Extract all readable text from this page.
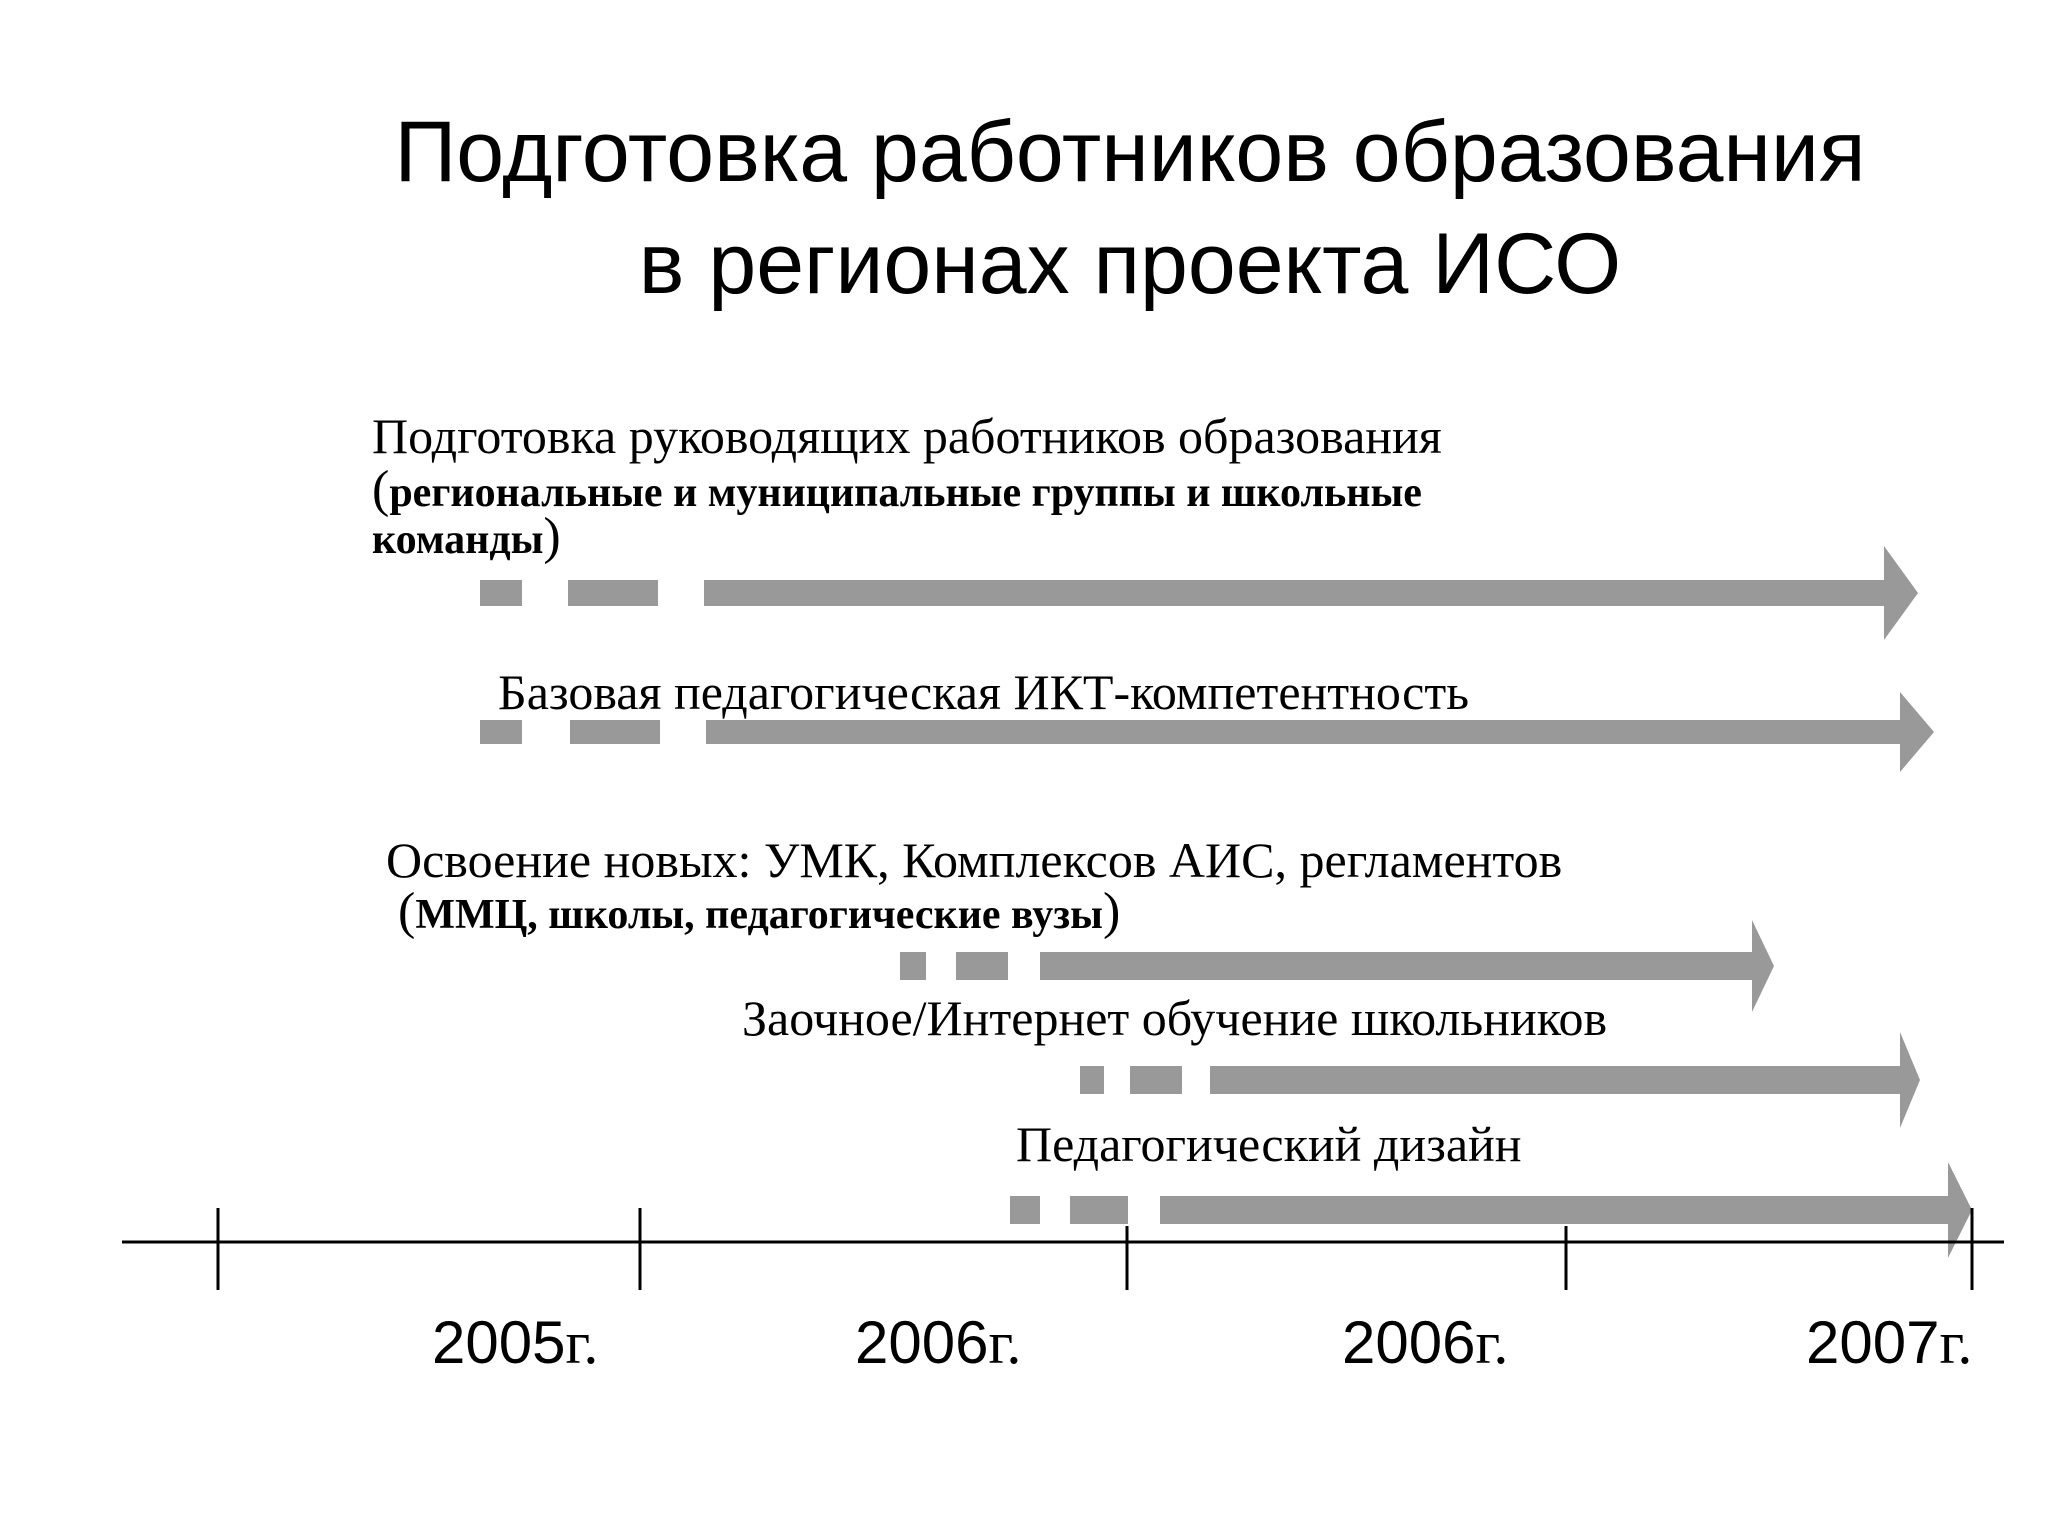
Подготовка работников образования
в регионах проекта ИСО
Подготовка руководящих работников образования
(региональные и муниципальные группы и школьные
команды)
Базовая педагогическая ИКТ-компетентность
Освоение новых: УМК, Комплексов АИС, регламентов
(ММЦ, школы, педагогические вузы)
Заочное/Интернет обучение школьников
Педагогический дизайн
2005г.	2006г.	2006г.	2007г.
